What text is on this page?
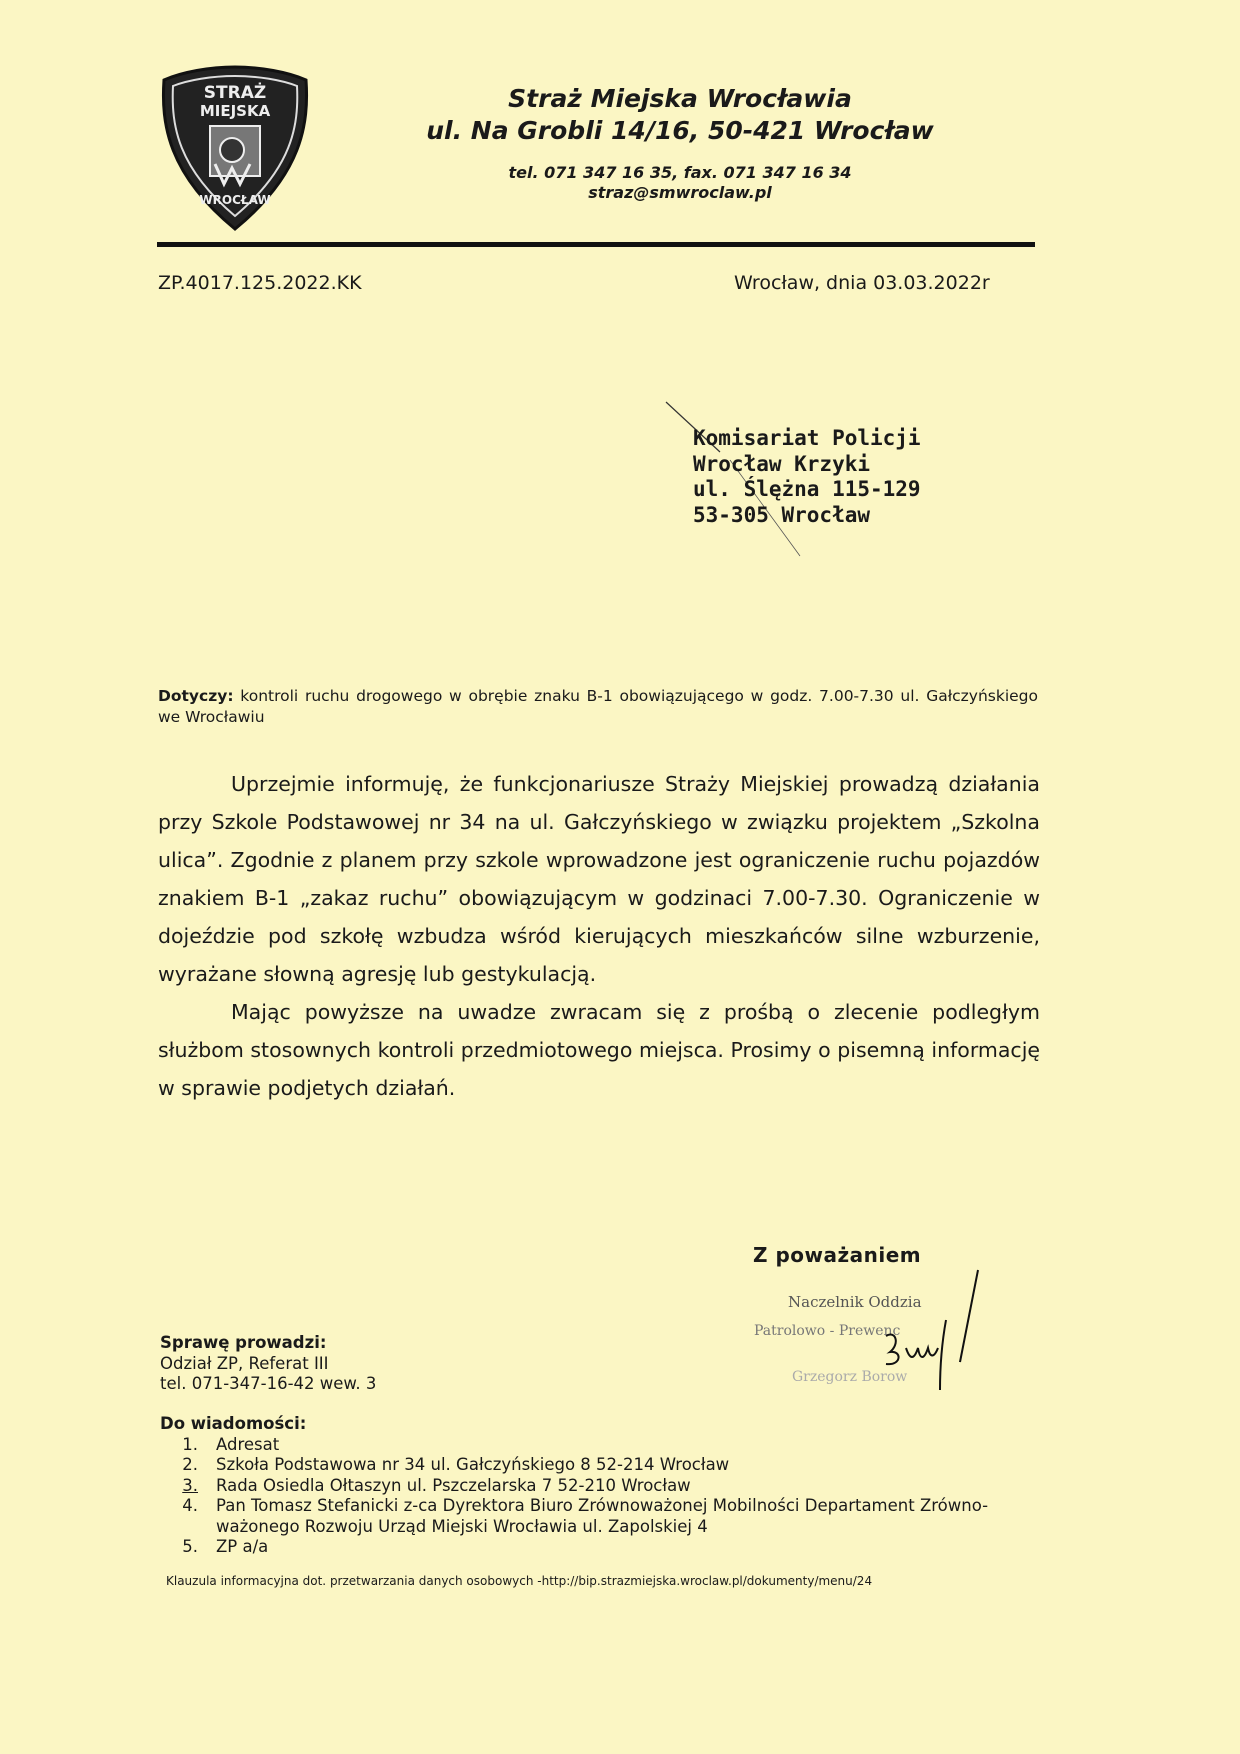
STRAŻ
MIEJSKA
WROCŁAW
Straż Miejska Wrocławia
ul. Na Grobli 14/16, 50-421 Wrocław
tel. 071 347 16 35, fax. 071 347 16 34
straz@smwroclaw.pl
ZP.4017.125.2022.KK	Wrocław, dnia 03.03.2022r
Komisariat Policji
Wrocław Krzyki
ul. Ślężna 115-129
53-305 Wrocław
Dotyczy: kontroli ruchu drogowego w obrębie znaku B-1 obowiązującego w godz. 7.00-7.30 ul. Gałczyńskiego we Wrocławiu

Uprzejmie informuję, że funkcjonariusze Straży Miejskiej prowadzą działania przy Szkole Podstawowej nr 34 na ul. Gałczyńskiego w związku projektem „Szkolna ulica”. Zgodnie z planem przy szkole wprowadzone jest ograniczenie ruchu pojazdów znakiem B-1 „zakaz ruchu” obowiązującym w godzinaci 7.00-7.30. Ograniczenie w dojeździe pod szkołę wzbudza wśród kierujących mieszkańców silne wzburzenie, wyrażane słowną agresję lub gestykulacją.

Mając powyższe na uwadze zwracam się z prośbą o zlecenie podległym służbom stosownych kontroli przedmiotowego miejsca. Prosimy o pisemną informację w sprawie podjetych działań.

Z poważaniem
Naczelnik Oddzia
Patrolowo - Prewenc
Grzegorz Borow
Sprawę prowadzi:
Odział ZP, Referat III
tel. 071-347-16-42 wew. 3
Do wiadomości:
1.	Adresat
2.	Szkoła Podstawowa nr 34 ul. Gałczyńskiego 8 52-214 Wrocław
3.	Rada Osiedla Ołtaszyn ul. Pszczelarska 7 52-210 Wrocław
4.	Pan Tomasz Stefanicki z-ca Dyrektora Biuro Zrównoważonej Mobilności Departament Zrówno-ważonego Rozwoju Urząd Miejski Wrocławia ul. Zapolskiej 4
5.	ZP a/a
Klauzula informacyjna dot. przetwarzania danych osobowych -http://bip.strazmiejska.wroclaw.pl/dokumenty/menu/24
